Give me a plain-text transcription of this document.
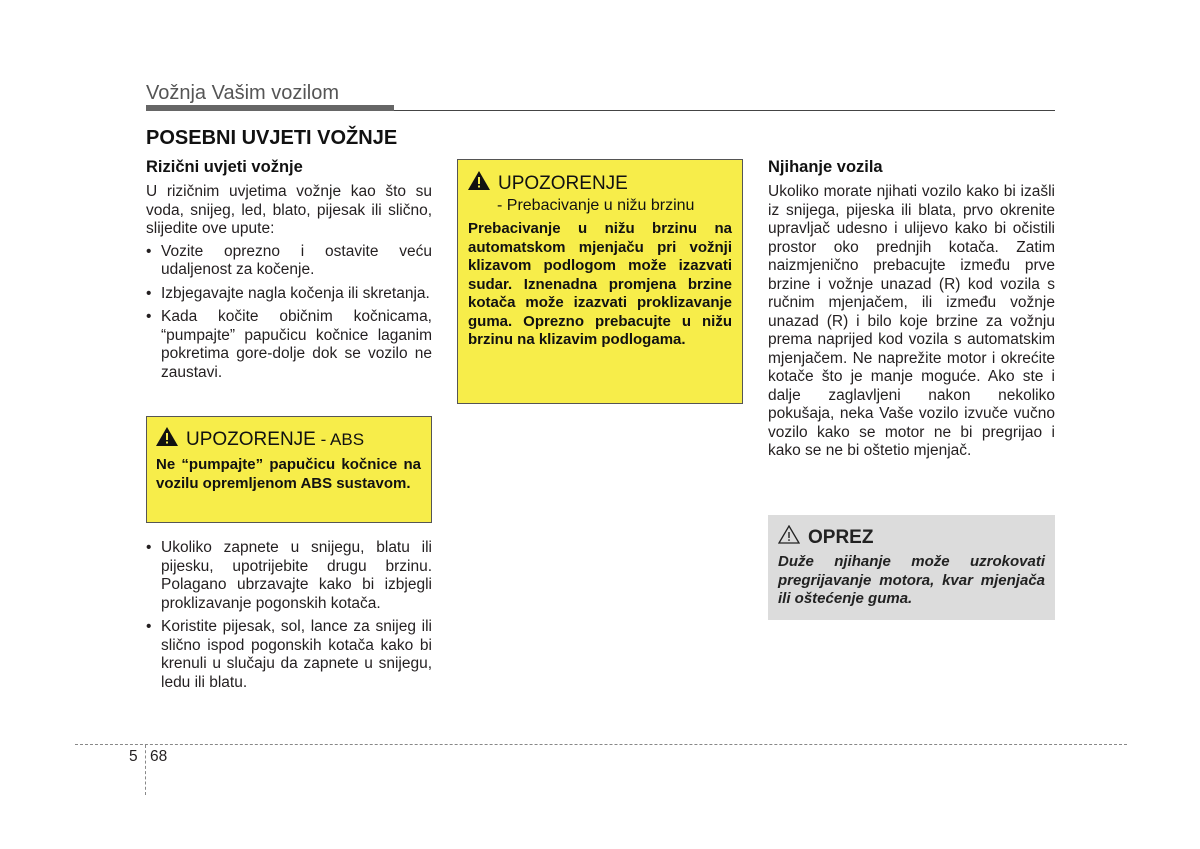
Vožnja Vašim vozilom
POSEBNI UVJETI VOŽNJE
Rizični uvjeti vožnje
U rizičnim uvjetima vožnje kao što su voda, snijeg, led, blato, pijesak ili slično, slijedite ove upute:
• Vozite oprezno i ostavite veću udaljenost za kočenje.
• Izbjegavajte nagla kočenja ili skretanja.
• Kada kočite običnim kočnicama, “pumpajte” papučicu kočnice laganim pokretima gore-dolje dok se vozilo ne zaustavi.
UPOZORENJE - ABS
Ne “pumpajte” papučicu kočnice na vozilu opremljenom ABS sustavom.
• Ukoliko zapnete u snijegu, blatu ili pijesku, upotrijebite drugu brzinu. Polagano ubrzavajte kako bi izbjegli proklizavanje pogonskih kotača.
• Koristite pijesak, sol, lance za snijeg ili slično ispod pogonskih kotača kako bi krenuli u slučaju da zapnete u snijegu, ledu ili blatu.
UPOZORENJE
- Prebacivanje u nižu brzinu
Prebacivanje u nižu brzinu na automatskom mjenjaču pri vožnji klizavom podlogom može izazvati sudar. Iznenadna promjena brzine kotača može izazvati proklizavanje guma. Oprezno prebacujte u nižu brzinu na klizavim podlogama.
Njihanje vozila
Ukoliko morate njihati vozilo kako bi izašli iz snijega, pijeska ili blata, prvo okrenite upravljač udesno i ulijevo kako bi očistili prostor oko prednjih kotača. Zatim naizmjenično prebacujte između prve brzine i vožnje unazad (R) kod vozila s ručnim mjenjačem, ili između vožnje unazad (R) i bilo koje brzine za vožnju prema naprijed kod vozila s automatskim mjenjačem. Ne naprežite motor i okrećite kotače što je manje moguće. Ako ste i dalje zaglavljeni nakon nekoliko pokušaja, neka Vaše vozilo izvuče vučno vozilo kako se motor ne bi pregrijao i kako se ne bi oštetio mjenjač.
OPREZ
Duže njihanje može uzrokovati pregrijavanje motora, kvar mjenjača ili oštećenje guma.
5 68
